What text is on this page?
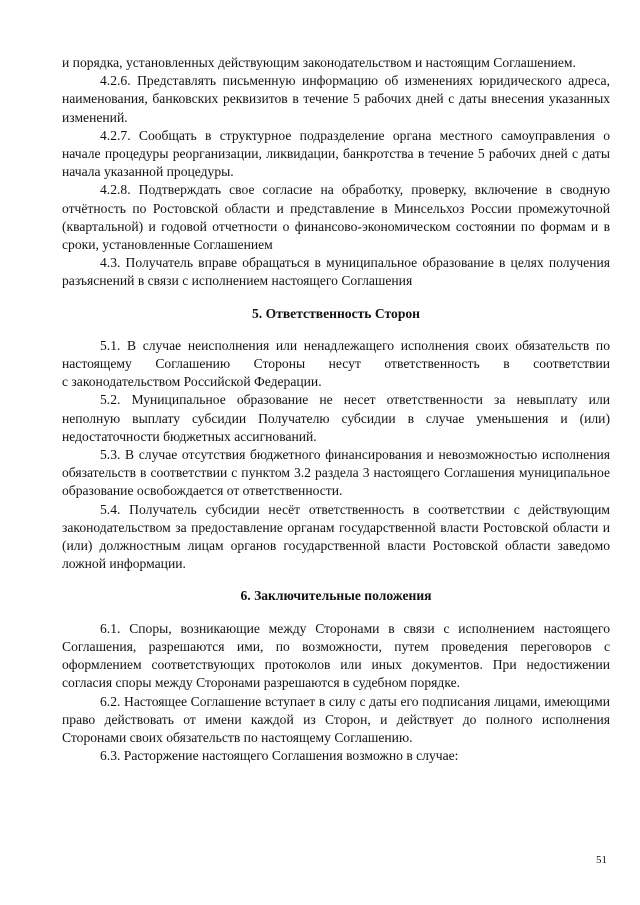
и порядка, установленных действующим законодательством и настоящим Соглашением.

4.2.6. Представлять письменную информацию об изменениях юридического адреса, наименования, банковских реквизитов в течение 5 рабочих дней с даты внесения указанных изменений.

4.2.7. Сообщать в структурное подразделение органа местного самоуправления о начале процедуры реорганизации, ликвидации, банкротства в течение 5 рабочих дней с даты начала указанной процедуры.

4.2.8. Подтверждать свое согласие на обработку, проверку, включение в сводную отчётность по Ростовской области и представление в Минсельхоз России промежуточной (квартальной) и годовой отчетности о финансово-экономическом состоянии по формам и в сроки, установленные Соглашением

4.3. Получатель вправе обращаться в муниципальное образование в целях получения разъяснений в связи с исполнением настоящего Соглашения

5. Ответственность Сторон

5.1. В случае неисполнения или ненадлежащего исполнения своих обязательств по настоящему Соглашению Стороны несут ответственность в соответствии

с законодательством Российской Федерации.

5.2. Муниципальное образование не несет ответственности за невыплату или неполную выплату субсидии Получателю субсидии в случае уменьшения и (или) недостаточности бюджетных ассигнований.

5.3. В случае отсутствия бюджетного финансирования и невозможностью исполнения обязательств в соответствии с пунктом 3.2 раздела 3 настоящего Соглашения муниципальное образование освобождается от ответственности.

5.4. Получатель субсидии несёт ответственность в соответствии с действующим законодательством за предоставление органам государственной власти Ростовской области и (или) должностным лицам органов государственной власти Ростовской области заведомо ложной информации.

6. Заключительные положения

6.1. Споры, возникающие между Сторонами в связи с исполнением настоящего Соглашения, разрешаются ими, по возможности, путем проведения переговоров с оформлением соответствующих протоколов или иных документов. При недостижении согласия споры между Сторонами разрешаются в судебном порядке.

6.2. Настоящее Соглашение вступает в силу с даты его подписания лицами, имеющими право действовать от имени каждой из Сторон, и действует до полного исполнения Сторонами своих обязательств по настоящему Соглашению.

6.3. Расторжение настоящего Соглашения возможно в случае:

51
